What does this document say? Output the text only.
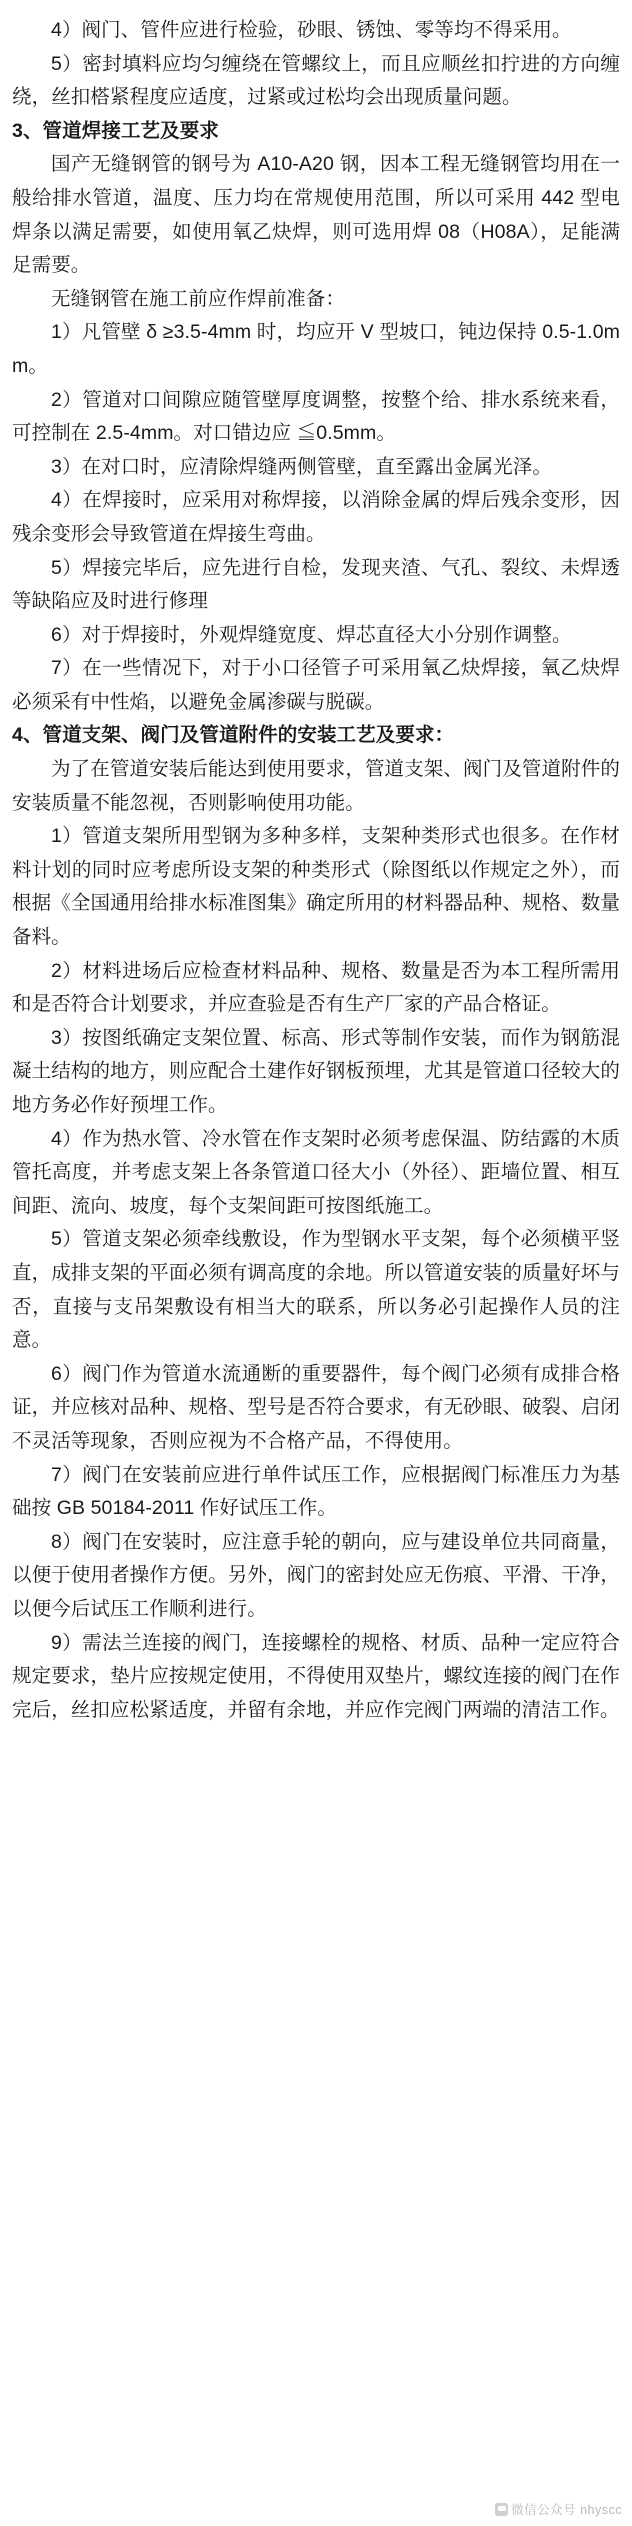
4）阀门、管件应进行检验，砂眼、锈蚀、零等均不得采用。

5）密封填料应均匀缠绕在管螺纹上，而且应顺丝扣拧进的方向缠绕，丝扣榙紧程度应适度，过紧或过松均会出现质量问题。

3、管道焊接工艺及要求

国产无缝钢管的钢号为 A10-A20 钢，因本工程无缝钢管均用在一般给排水管道，温度、压力均在常规使用范围，所以可采用 442 型电焊条以满足需要，如使用氧乙炔焊，则可选用焊 08（H08A），足能满足需要。

无缝钢管在施工前应作焊前准备：

1）凡管壁 δ ≥3.5-4mm 时，均应开 V 型坡口，钝边保持 0.5-1.0mm。

2）管道对口间隙应随管壁厚度调整，按整个给、排水系统来看，可控制在 2.5-4mm。对口错边应 ≦0.5mm。

3）在对口时，应清除焊缝两侧管壁，直至露出金属光泽。

4）在焊接时，应采用对称焊接，以消除金属的焊后残余变形，因残余变形会导致管道在焊接生弯曲。

5）焊接完毕后，应先进行自检，发现夹渣、气孔、裂纹、未焊透等缺陷应及时进行修理

6）对于焊接时，外观焊缝宽度、焊芯直径大小分别作调整。

7）在一些情况下，对于小口径管子可采用氧乙炔焊接，氧乙炔焊必须采有中性焰，以避免金属渗碳与脱碳。

4、管道支架、阀门及管道附件的安装工艺及要求：

为了在管道安装后能达到使用要求，管道支架、阀门及管道附件的安装质量不能忽视，否则影响使用功能。

1）管道支架所用型钢为多种多样，支架种类形式也很多。在作材料计划的同时应考虑所设支架的种类形式（除图纸以作规定之外），而根据《全国通用给排水标准图集》确定所用的材料器品种、规格、数量备料。

2）材料进场后应检查材料品种、规格、数量是否为本工程所需用和是否符合计划要求，并应查验是否有生产厂家的产品合格证。

3）按图纸确定支架位置、标高、形式等制作安装，而作为钢筋混凝土结构的地方，则应配合土建作好钢板预埋，尤其是管道口径较大的地方务必作好预埋工作。

4）作为热水管、冷水管在作支架时必须考虑保温、防结露的木质管托高度，并考虑支架上各条管道口径大小（外径）、距墙位置、相互间距、流向、坡度，每个支架间距可按图纸施工。

5）管道支架必须牵线敷设，作为型钢水平支架，每个必须横平竖直，成排支架的平面必须有调高度的余地。所以管道安装的质量好坏与否，直接与支吊架敷设有相当大的联系，所以务必引起操作人员的注意。

6）阀门作为管道水流通断的重要器件，每个阀门必须有成排合格证，并应核对品种、规格、型号是否符合要求，有无砂眼、破裂、启闭不灵活等现象，否则应视为不合格产品，不得使用。

7）阀门在安装前应进行单件试压工作，应根据阀门标准压力为基础按 GB 50184-2011 作好试压工作。

8）阀门在安装时，应注意手轮的朝向，应与建设单位共同商量，以便于使用者操作方便。另外，阀门的密封处应无伤痕、平滑、干净，以便今后试压工作顺利进行。

9）需法兰连接的阀门，连接螺栓的规格、材质、品种一定应符合规定要求，垫片应按规定使用，不得使用双垫片，螺纹连接的阀门在作完后，丝扣应松紧适度，并留有余地，并应作完阀门两端的清洁工作。

微信公众号 nhyscc
